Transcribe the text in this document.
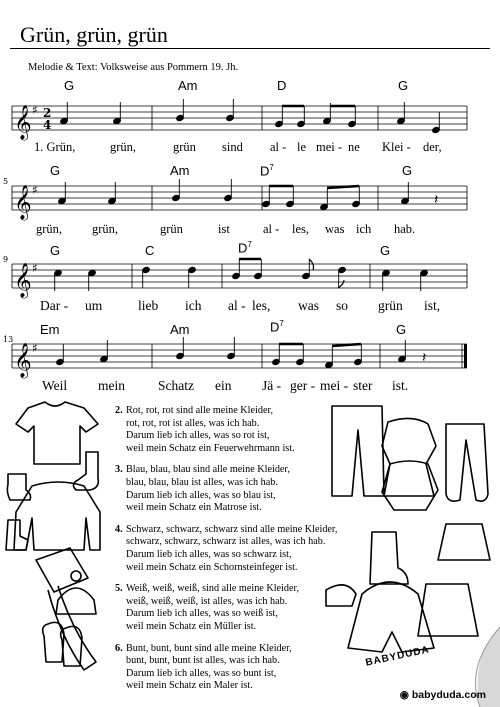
Grün, grün, grün
Melodie & Text: Volksweise aus Pommern 19. Jh.
G	Am	D	G
𝄞 ♯ 2
4
1. Grün,	grün,	grün sind al - le mei - ne Klei - der,
G	Am	$D^7$	G
5
𝄞 ♯
𝄽
grün, grün,	grün	ist	al - les, was ich hab.
G	C	$D^7$	G
9
𝄞 ♯
Dar - um	lieb ich al - les, was so grün ist,
Em	Am	$D^7$	G
13
𝄞 ♯
𝄽
Weil mein Schatz ein Jä - ger - mei - ster ist.
2. Rot, rot, rot sind alle meine Kleider,
rot, rot, rot ist alles, was ich hab.
Darum lieb ich alles, was so rot ist,
weil mein Schatz ein Feuerwehrmann ist.
3. Blau, blau, blau sind alle meine Kleider,
blau, blau, blau ist alles, was ich hab.
Darum lieb ich alles, was so blau ist,
weil mein Schatz ein Matrose ist.
4. Schwarz, schwarz, schwarz sind alle meine Kleider,
schwarz, schwarz, schwarz ist alles, was ich hab.
Darum lieb ich alles, was so schwarz ist,
weil mein Schatz ein Schornsteinfeger ist.
5. Weiß, weiß, weiß, sind alle meine Kleider,
weiß, weiß, weiß, ist alles, was ich hab.
Darum lieb ich alles, was so weiß ist,
weil mein Schatz ein Müller ist.
6. Bunt, bunt, bunt sind alle meine Kleider,
bunt, bunt, bunt ist alles, was ich hab.
Darum lieb ich alles, was so bunt ist,
weil mein Schatz ein Maler ist.
BABYDUDA
◉ babyduda.com
